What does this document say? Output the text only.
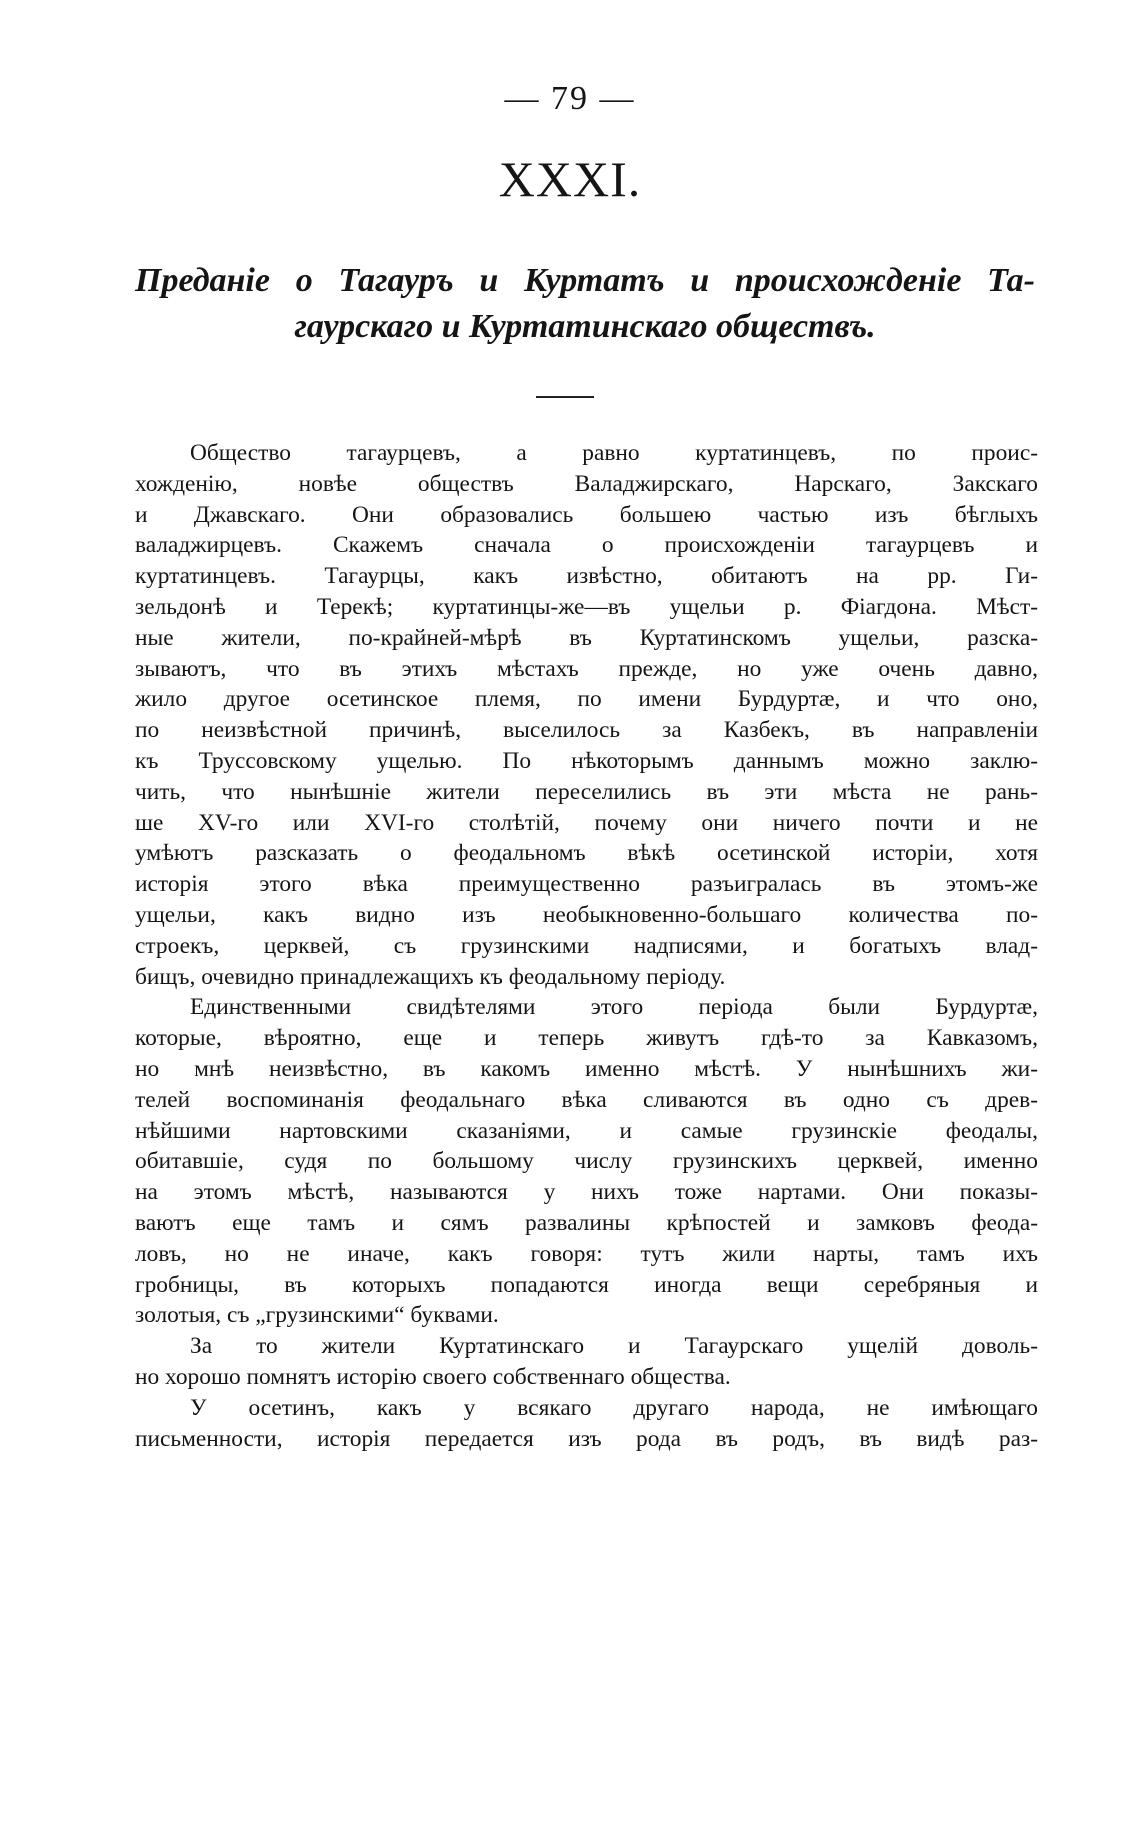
— 79 —
XXXI.
Преданіе о Тагауръ и Куртатъ и происхожденіе Та-
гаурскаго и Куртатинскаго обществъ.
Общество тагаурцевъ, а равно куртатинцевъ, по проис-
хожденію, новѣе обществъ Валаджирскаго, Нарскаго, Закскаго
и Джавскаго. Они образовались большею частью изъ бѣглыхъ
валаджирцевъ. Скажемъ сначала о происхожденіи тагаурцевъ и
куртатинцевъ. Тагаурцы, какъ извѣстно, обитаютъ на рр. Ги-
зельдонѣ и Терекѣ; куртатинцы-же—въ ущельи р. Фіагдона. Мѣст-
ные жители, по-крайней-мѣрѣ въ Куртатинскомъ ущельи, разска-
зываютъ, что въ этихъ мѣстахъ прежде, но уже очень давно,
жило другое осетинское племя, по имени Бурдуртæ, и что оно,
по неизвѣстной причинѣ, выселилось за Казбекъ, въ направленіи
къ Труссовскому ущелью. По нѣкоторымъ даннымъ можно заклю-
чить, что нынѣшніе жители переселились въ эти мѣста не рань-
ше XV-го или XVI-го столѣтій, почему они ничего почти и не
умѣютъ разсказать о феодальномъ вѣкѣ осетинской исторіи, хотя
исторія этого вѣка преимущественно разъигралась въ этомъ-же
ущельи, какъ видно изъ необыкновенно-большаго количества по-
строекъ, церквей, съ грузинскими надписями, и богатыхъ влад-
бищъ, очевидно принадлежащихъ къ феодальному періоду.
Единственными свидѣтелями этого періода были Бурдуртæ,
которые, вѣроятно, еще и теперь живутъ гдѣ-то за Кавказомъ,
но мнѣ неизвѣстно, въ какомъ именно мѣстѣ. У нынѣшнихъ жи-
телей воспоминанія феодальнаго вѣка сливаются въ одно съ древ-
нѣйшими нартовскими сказаніями, и самые грузинскіе феодалы,
обитавшіе, судя по большому числу грузинскихъ церквей, именно
на этомъ мѣстѣ, называются у нихъ тоже нартами. Они показы-
ваютъ еще тамъ и сямъ развалины крѣпостей и замковъ феода-
ловъ, но не иначе, какъ говоря: тутъ жили нарты, тамъ ихъ
гробницы, въ которыхъ попадаются иногда вещи серебряныя и
золотыя, съ „грузинскими“ буквами.
За то жители Куртатинскаго и Тагаурскаго ущелій доволь-
но хорошо помнятъ исторію своего собственнаго общества.
У осетинъ, какъ у всякаго другаго народа, не имѣющаго
письменности, исторія передается изъ рода въ родъ, въ видѣ раз-
